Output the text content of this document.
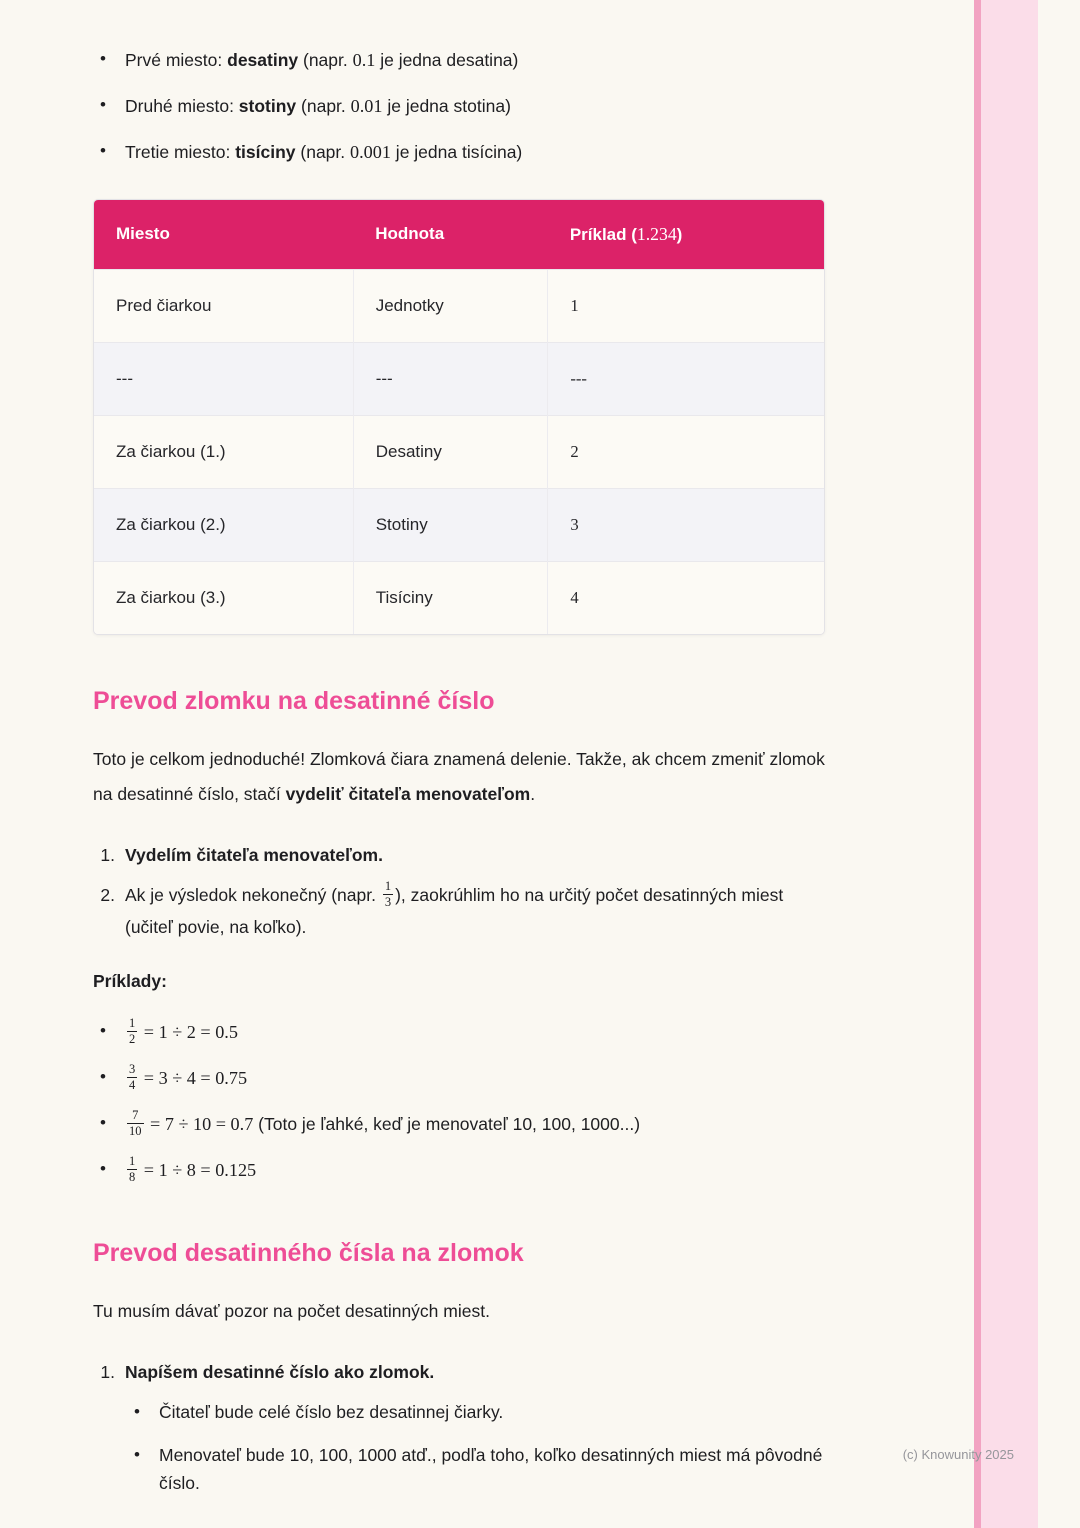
•	Prvé miesto: desatiny (napr. 0.1 je jedna desatina)
•	Druhé miesto: stotiny (napr. 0.01 je jedna stotina)
•	Tretie miesto: tisíciny (napr. 0.001 je jedna tisícina)
Miesto	Hodnota	Príklad (1.234)
Pred čiarkou	Jednotky	1
---	---	---
Za čiarkou (1.)	Desatiny	2
Za čiarkou (2.)	Stotiny	3
Za čiarkou (3.)	Tisíciny	4
Prevod zlomku na desatinné číslo

Toto je celkom jednoduché! Zlomková čiara znamená delenie. Takže, ak chcem zmeniť zlomok na desatinné číslo, stačí vydeliť čitateľa menovateľom.

1. Vydelím čitateľa menovateľom.
2. Ak je výsledok nekonečný (napr. $\frac{1}{3}$ ), zaokrúhlim ho na určitý počet desatinných miest (učiteľ povie, na koľko).

Príklady:

•	$\frac{1}{2} = 1 \div 2 = 0.5$
•	$\frac{3}{4} = 3 \div 4 = 0.75$
•	$\frac{7}{10} = 7 \div 10 = 0.7$ (Toto je ľahké, keď je menovateľ 10, 100, 1000...)
•	$\frac{1}{8} = 1 \div 8 = 0.125$
Prevod desatinného čísla na zlomok

Tu musím dávať pozor na počet desatinných miest.

1. Napíšem desatinné číslo ako zlomok.
•	Čitateľ bude celé číslo bez desatinnej čiarky.
•	Menovateľ bude 10, 100, 1000 atď., podľa toho, koľko desatinných miest má pôvodné číslo.
(c) Knowunity 2025
